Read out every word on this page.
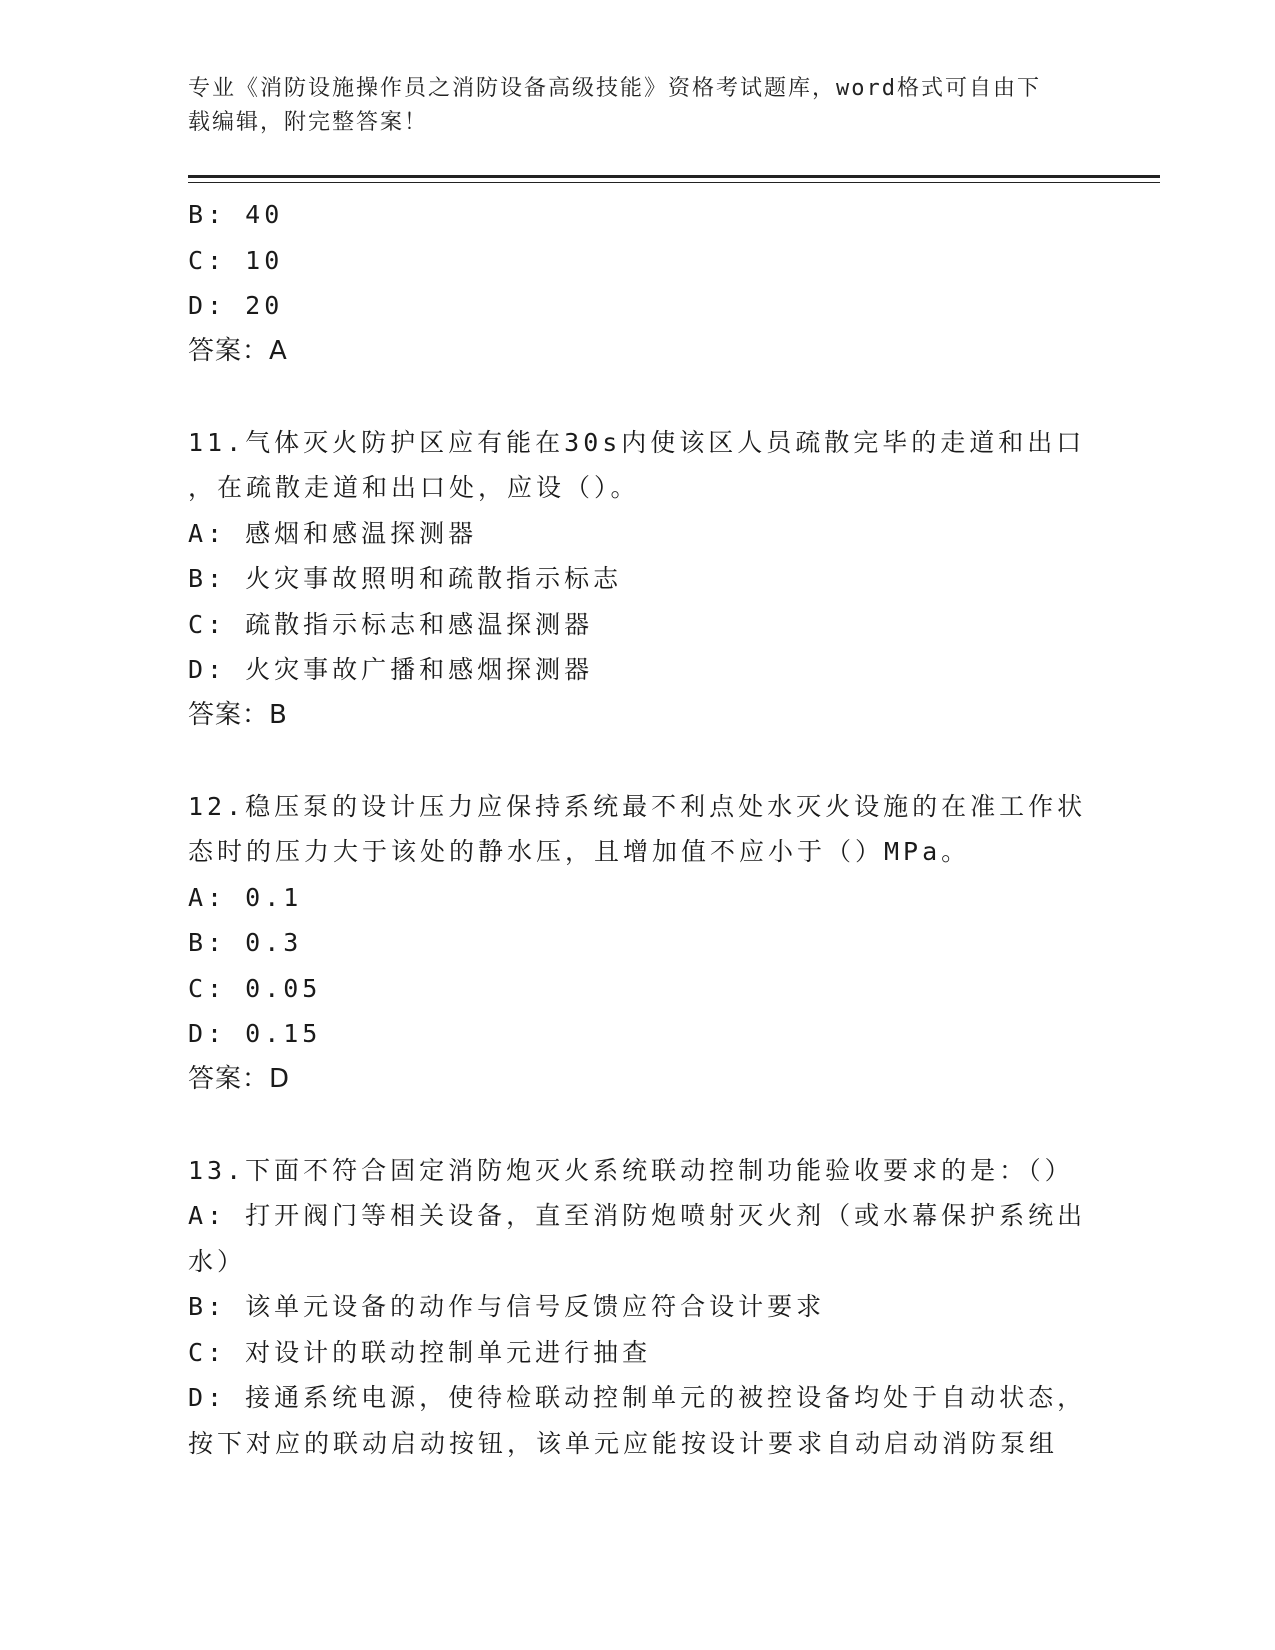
专业《消防设施操作员之消防设备高级技能》资格考试题库，word格式可自由下
载编辑，附完整答案！
B: 40
C: 10
D: 20
答案：A
11.气体灭火防护区应有能在30s内使该区人员疏散完毕的走道和出口
，在疏散走道和出口处，应设（）。
A: 感烟和感温探测器
B: 火灾事故照明和疏散指示标志
C: 疏散指示标志和感温探测器
D: 火灾事故广播和感烟探测器
答案：B
12.稳压泵的设计压力应保持系统最不利点处水灭火设施的在准工作状
态时的压力大于该处的静水压，且增加值不应小于（）MPa。
A: 0.1
B: 0.3
C: 0.05
D: 0.15
答案：D
13.下面不符合固定消防炮灭火系统联动控制功能验收要求的是：（）
A: 打开阀门等相关设备，直至消防炮喷射灭火剂（或水幕保护系统出
水）
B: 该单元设备的动作与信号反馈应符合设计要求
C: 对设计的联动控制单元进行抽查
D: 接通系统电源，使待检联动控制单元的被控设备均处于自动状态，
按下对应的联动启动按钮，该单元应能按设计要求自动启动消防泵组
